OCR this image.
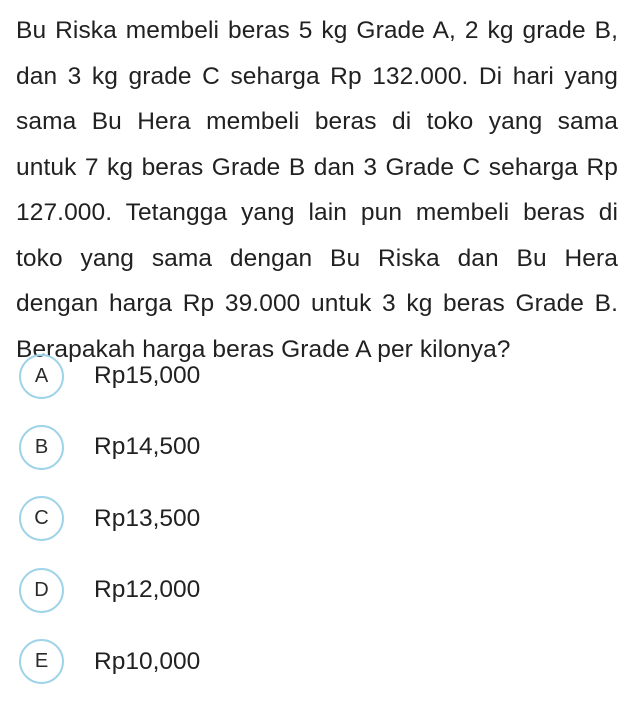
Bu Riska membeli beras 5 kg Grade A, 2 kg grade B,
dan 3 kg grade C seharga Rp 132.000. Di hari yang
sama Bu Hera membeli beras di toko yang sama
untuk 7 kg beras Grade B dan 3 Grade C seharga Rp
127.000. Tetangga yang lain pun membeli beras di
toko yang sama dengan Bu Riska dan Bu Hera
dengan harga Rp 39.000 untuk 3 kg beras Grade B.
Berapakah harga beras Grade A per kilonya?
A	Rp15,000
B	Rp14,500
C	Rp13,500
D	Rp12,000
E	Rp10,000
